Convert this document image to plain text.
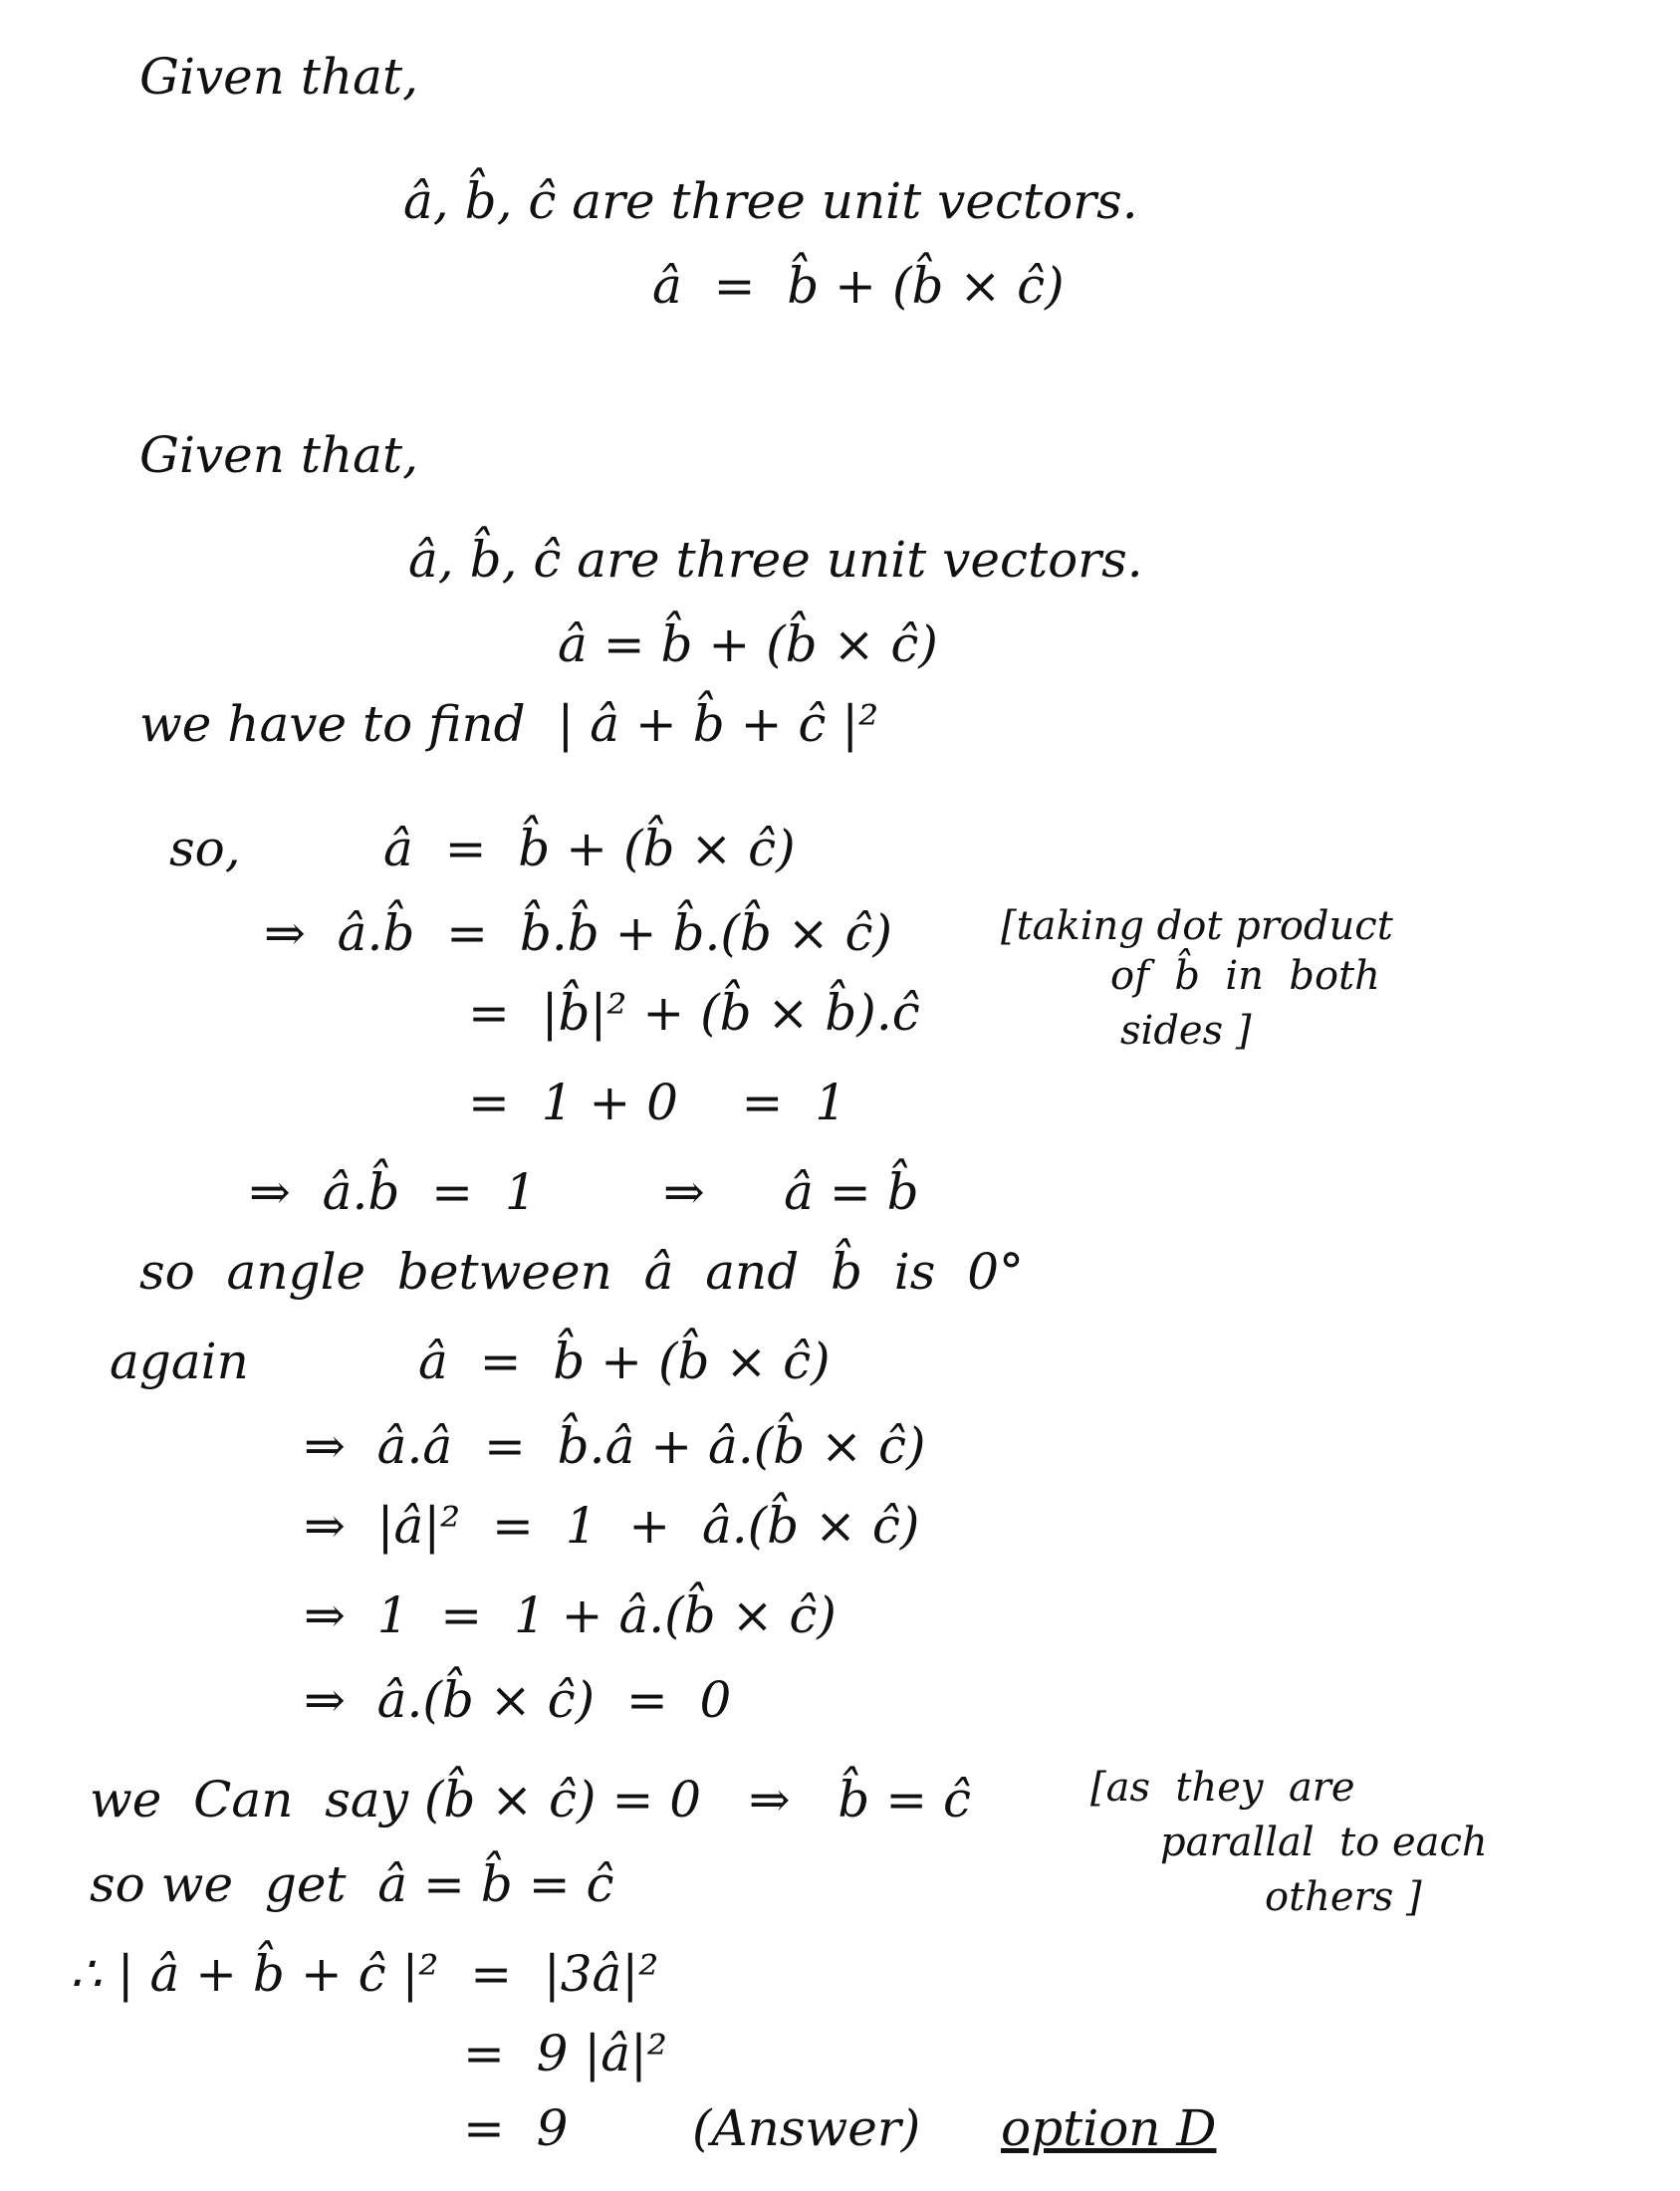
Given that,
â, b̂, ĉ are three unit vectors.
â  =  b̂ + (b̂ × ĉ)
Given that,
â, b̂, ĉ are three unit vectors.
â = b̂ + (b̂ × ĉ)
we have to find  | â + b̂ + ĉ |²
so,	â  =  b̂ + (b̂ × ĉ)
⇒  â.b̂  =  b̂.b̂ + b̂.(b̂ × ĉ)	[taking dot product
of  b̂  in  both
sides ]
=  |b̂|² + (b̂ × b̂).ĉ
=  1 + 0    =  1
⇒  â.b̂  =  1        ⇒     â = b̂
so  angle  between  â  and  b̂  is  0°
again	â  =  b̂ + (b̂ × ĉ)
⇒  â.â  =  b̂.â + â.(b̂ × ĉ)
⇒  |â|²  =  1  +  â.(b̂ × ĉ)
⇒  1  =  1 + â.(b̂ × ĉ)
⇒  â.(b̂ × ĉ)  =  0
we  Can  say (b̂ × ĉ) = 0   ⇒   b̂ = ĉ	[as  they  are
parallal  to each
others ]
so we  get  â = b̂ = ĉ
∴ | â + b̂ + ĉ |²  =  |3â|²
=  9 |â|²
=  9 (Answer) option D
